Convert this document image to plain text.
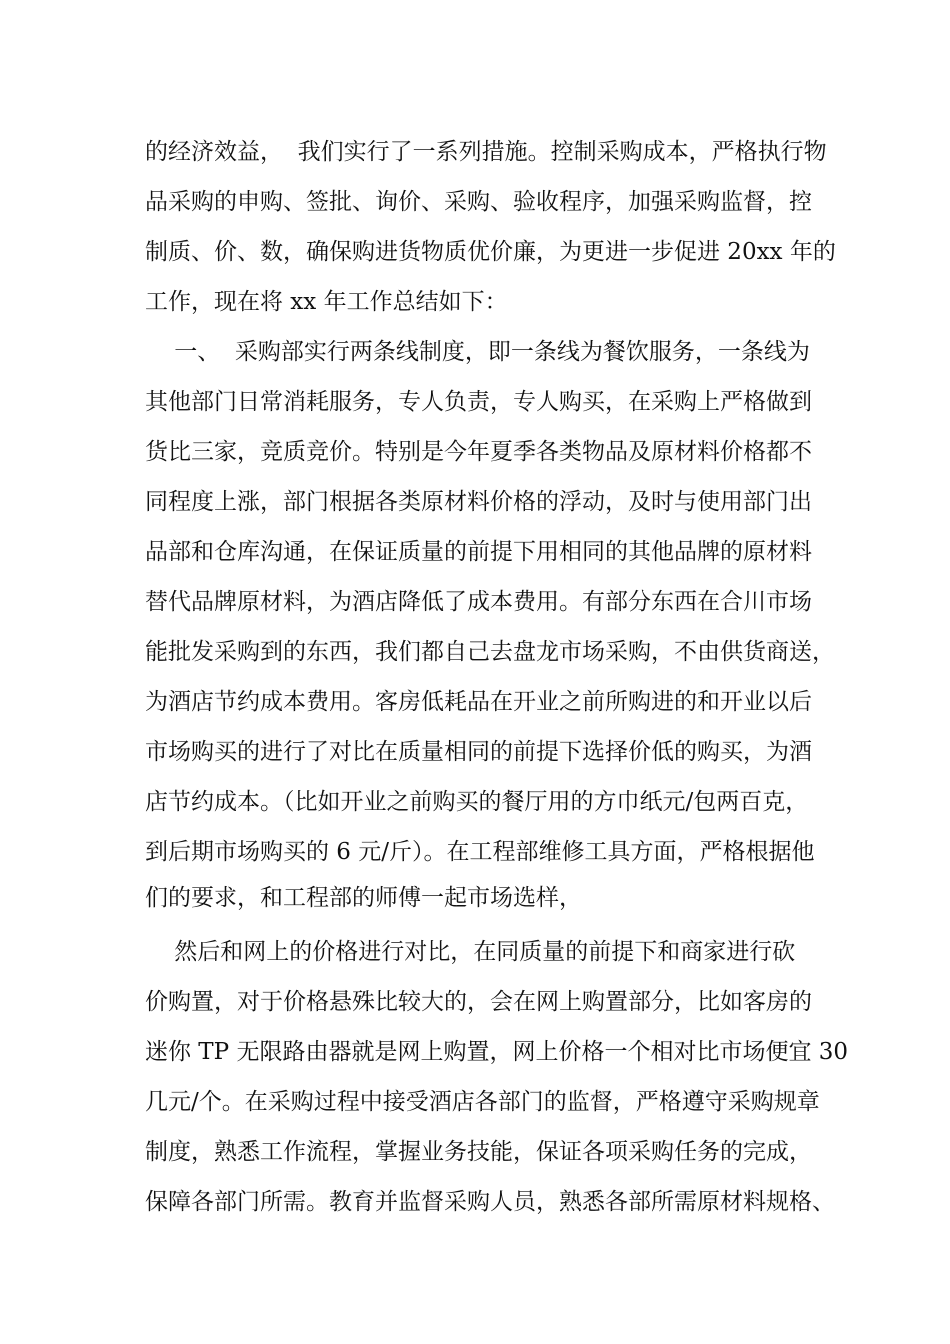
的经济效益，  我们实行了一系列措施。控制采购成本，严格执行物
品采购的申购、签批、询价、采购、验收程序，加强采购监督，控
制质、价、数，确保购进货物质优价廉，为更进一步促进 20xx 年的
工作，现在将 xx 年工作总结如下：
一、  采购部实行两条线制度，即一条线为餐饮服务，一条线为
其他部门日常消耗服务，专人负责，专人购买，在采购上严格做到
货比三家，竞质竞价。特别是今年夏季各类物品及原材料价格都不
同程度上涨，部门根据各类原材料价格的浮动，及时与使用部门出
品部和仓库沟通，在保证质量的前提下用相同的其他品牌的原材料
替代品牌原材料，为酒店降低了成本费用。有部分东西在合川市场
能批发采购到的东西，我们都自己去盘龙市场采购，不由供货商送，
为酒店节约成本费用。客房低耗品在开业之前所购进的和开业以后
市场购买的进行了对比在质量相同的前提下选择价低的购买，为酒
店节约成本。（比如开业之前购买的餐厅用的方巾纸元/包两百克，
到后期市场购买的 6 元/斤）。在工程部维修工具方面，严格根据他
们的要求，和工程部的师傅一起市场选样，
然后和网上的价格进行对比，在同质量的前提下和商家进行砍
价购置，对于价格悬殊比较大的，会在网上购置部分，比如客房的
迷你 TP 无限路由器就是网上购置，网上价格一个相对比市场便宜 30
几元/个。在采购过程中接受酒店各部门的监督，严格遵守采购规章
制度，熟悉工作流程，掌握业务技能，保证各项采购任务的完成，
保障各部门所需。教育并监督采购人员，熟悉各部所需原材料规格、
